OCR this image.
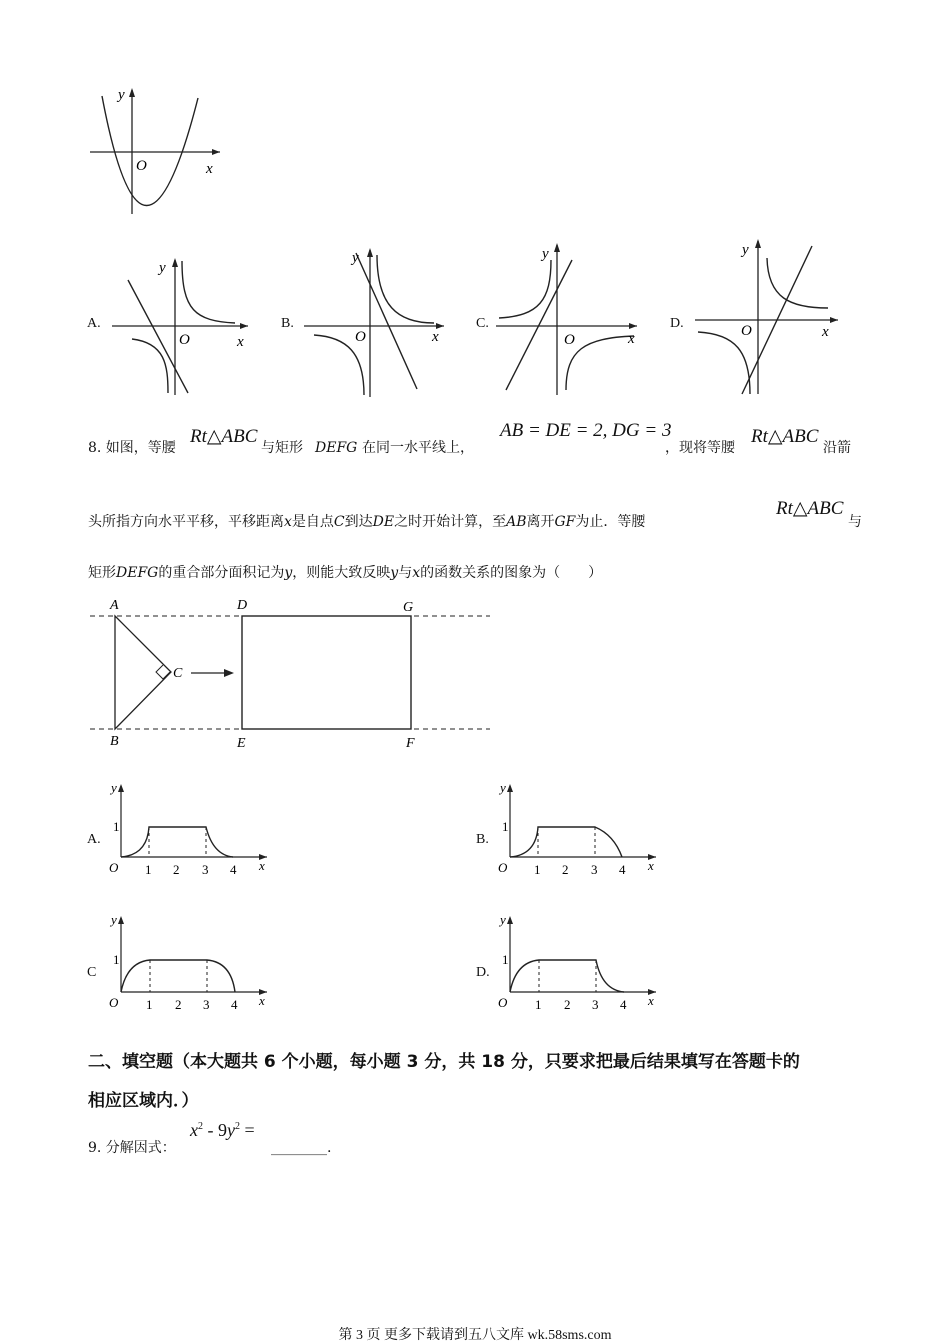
y
x
O
A.
y
x
O
B.
y
x
O
C.
y
x
O
D.
y
x
O
8. 如图，等腰
Rt△ABC
与矩形 DEFG 在同一水平线上，
AB = DE = 2, DG = 3
，现将等腰
Rt△ABC
沿箭
头所指方向水平平移，平移距离x是自点C到达DE之时开始计算，至AB离开GF为止．等腰
Rt△ABC
与
矩形DEFG的重合部分面积记为y，则能大致反映y与x的函数关系的图象为（　　）
A
B
C
D
E	F
G
A.
y
1
O 1 2 3 4 x
B.
y
1
O 1 2 3 4 x
C
y
1
O 1 2 3 4 x
D.
y
1
O 1 2 3 4 x
二、填空题（本大题共 6 个小题，每小题 3 分，共 18 分，只要求把最后结果填写在答题卡的
相应区域内．）
9. 分解因式：
$x^2 - 9y^2$ =
________.
第 3 页 更多下载请到五八文库 wk.58sms.com
